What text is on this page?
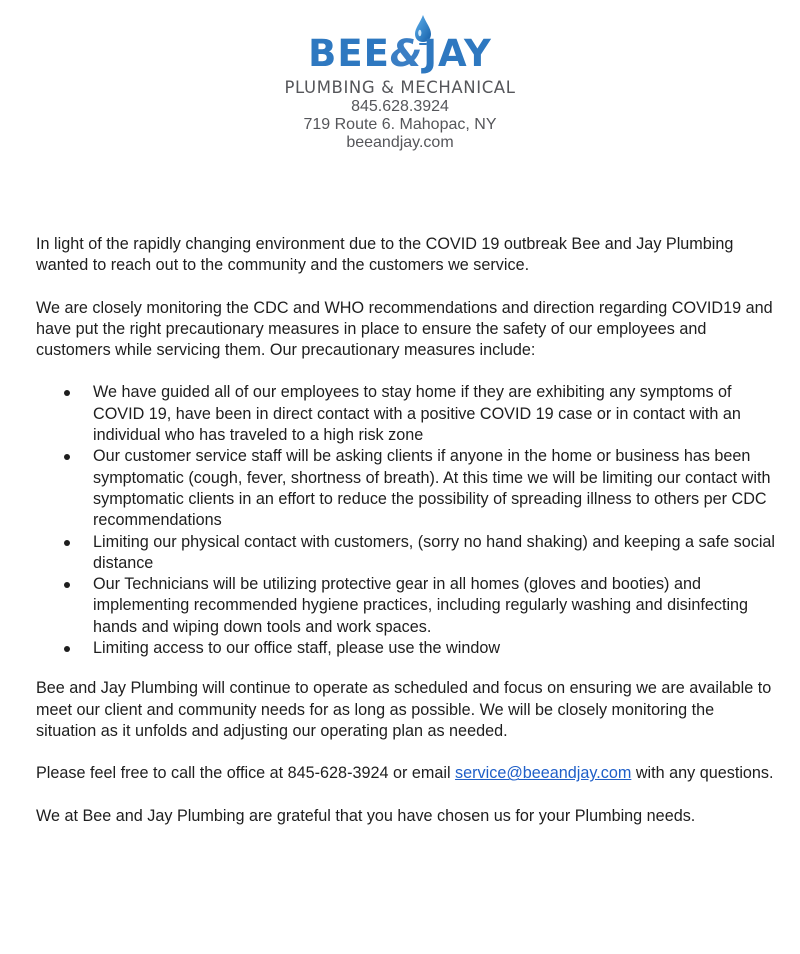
BEE&JAY
PLUMBING & MECHANICAL
845.628.3924
719 Route 6. Mahopac, NY
beeandjay.com

In light of the rapidly changing environment due to the COVID 19 outbreak Bee and Jay Plumbing wanted to reach out to the community and the customers we service.

We are closely monitoring the CDC and WHO recommendations and direction regarding COVID19 and have put the right precautionary measures in place to ensure the safety of our employees and customers while servicing them. Our precautionary measures include:

We have guided all of our employees to stay home if they are exhibiting any symptoms of COVID 19, have been in direct contact with a positive COVID 19 case or in contact with an individual who has traveled to a high risk zone
Our customer service staff will be asking clients if anyone in the home or business has been symptomatic (cough, fever, shortness of breath). At this time we will be limiting our contact with symptomatic clients in an effort to reduce the possibility of spreading illness to others per CDC recommendations
Limiting our physical contact with customers, (sorry no hand shaking) and keeping a safe social distance
Our Technicians will be utilizing protective gear in all homes (gloves and booties) and implementing recommended hygiene practices, including regularly washing and disinfecting hands and wiping down tools and work spaces.
Limiting access to our office staff, please use the window

Bee and Jay Plumbing will continue to operate as scheduled and focus on ensuring we are available to meet our client and community needs for as long as possible. We will be closely monitoring the situation as it unfolds and adjusting our operating plan as needed.

Please feel free to call the office at 845-628-3924 or email service@beeandjay.com with any questions.

We at Bee and Jay Plumbing are grateful that you have chosen us for your Plumbing needs.
